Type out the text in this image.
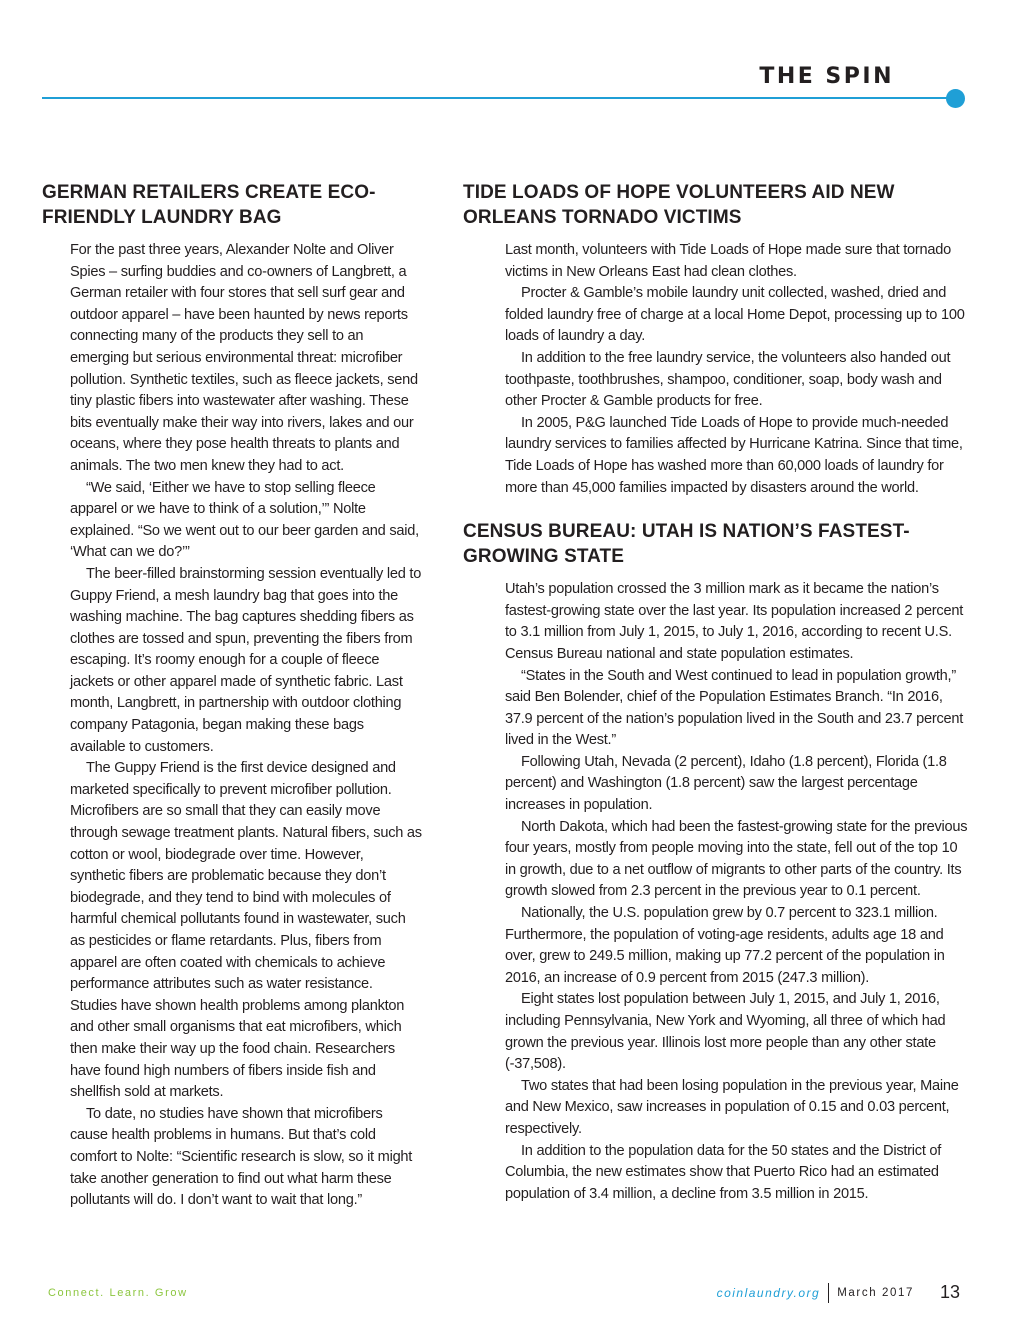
THE SPIN
GERMAN RETAILERS CREATE ECO-FRIENDLY LAUNDRY BAG

For the past three years, Alexander Nolte and Oliver Spies – surfing buddies and co-owners of Langbrett, a German retailer with four stores that sell surf gear and outdoor apparel – have been haunted by news reports connecting many of the products they sell to an emerging but serious environmental threat: microfiber pollution. Synthetic textiles, such as fleece jackets, send tiny plastic fibers into wastewater after washing. These bits eventually make their way into rivers, lakes and our oceans, where they pose health threats to plants and animals. The two men knew they had to act.

“We said, ‘Either we have to stop selling fleece apparel or we have to think of a solution,’” Nolte explained. “So we went out to our beer garden and said, ‘What can we do?’”

The beer-filled brainstorming session eventually led to Guppy Friend, a mesh laundry bag that goes into the washing machine. The bag captures shedding fibers as clothes are tossed and spun, preventing the fibers from escaping. It’s roomy enough for a couple of fleece jackets or other apparel made of synthetic fabric. Last month, Langbrett, in partnership with outdoor clothing company Patagonia, began making these bags available to customers.

The Guppy Friend is the first device designed and marketed specifically to prevent microfiber pollution. Microfibers are so small that they can easily move through sewage treatment plants. Natural fibers, such as cotton or wool, biodegrade over time. However, synthetic fibers are problematic because they don’t biodegrade, and they tend to bind with molecules of harmful chemical pollutants found in wastewater, such as pesticides or flame retardants. Plus, fibers from apparel are often coated with chemicals to achieve performance attributes such as water resistance. Studies have shown health problems among plankton and other small organisms that eat microfibers, which then make their way up the food chain. Researchers have found high numbers of fibers inside fish and shellfish sold at markets.

To date, no studies have shown that microfibers cause health problems in humans. But that’s cold comfort to Nolte: “Scientific research is slow, so it might take another generation to find out what harm these pollutants will do. I don’t want to wait that long.”

TIDE LOADS OF HOPE VOLUNTEERS AID NEW ORLEANS TORNADO VICTIMS

Last month, volunteers with Tide Loads of Hope made sure that tornado victims in New Orleans East had clean clothes.

Procter & Gamble’s mobile laundry unit collected, washed, dried and folded laundry free of charge at a local Home Depot, processing up to 100 loads of laundry a day.

In addition to the free laundry service, the volunteers also handed out toothpaste, toothbrushes, shampoo, conditioner, soap, body wash and other Procter & Gamble products for free.

In 2005, P&G launched Tide Loads of Hope to provide much-needed laundry services to families affected by Hurricane Katrina. Since that time, Tide Loads of Hope has washed more than 60,000 loads of laundry for more than 45,000 families impacted by disasters around the world.

CENSUS BUREAU: UTAH IS NATION’S FASTEST-GROWING STATE

Utah’s population crossed the 3 million mark as it became the nation’s fastest-growing state over the last year. Its population increased 2 percent to 3.1 million from July 1, 2015, to July 1, 2016, according to recent U.S. Census Bureau national and state population estimates.

“States in the South and West continued to lead in population growth,” said Ben Bolender, chief of the Population Estimates Branch. “In 2016, 37.9 percent of the nation’s population lived in the South and 23.7 percent lived in the West.”

Following Utah, Nevada (2 percent), Idaho (1.8 percent), Florida (1.8 percent) and Washington (1.8 percent) saw the largest percentage increases in population.

North Dakota, which had been the fastest-growing state for the previous four years, mostly from people moving into the state, fell out of the top 10 in growth, due to a net outflow of migrants to other parts of the country. Its growth slowed from 2.3 percent in the previous year to 0.1 percent.

Nationally, the U.S. population grew by 0.7 percent to 323.1 million. Furthermore, the population of voting-age residents, adults age 18 and over, grew to 249.5 million, making up 77.2 percent of the population in 2016, an increase of 0.9 percent from 2015 (247.3 million).

Eight states lost population between July 1, 2015, and July 1, 2016, including Pennsylvania, New York and Wyoming, all three of which had grown the previous year. Illinois lost more people than any other state (-37,508).

Two states that had been losing population in the previous year, Maine and New Mexico, saw increases in population of 0.15 and 0.03 percent, respectively.

In addition to the population data for the 50 states and the District of Columbia, the new estimates show that Puerto Rico had an estimated population of 3.4 million, a decline from 3.5 million in 2015.

Connect. Learn. Grow	coinlaundry.org March 2017 13
